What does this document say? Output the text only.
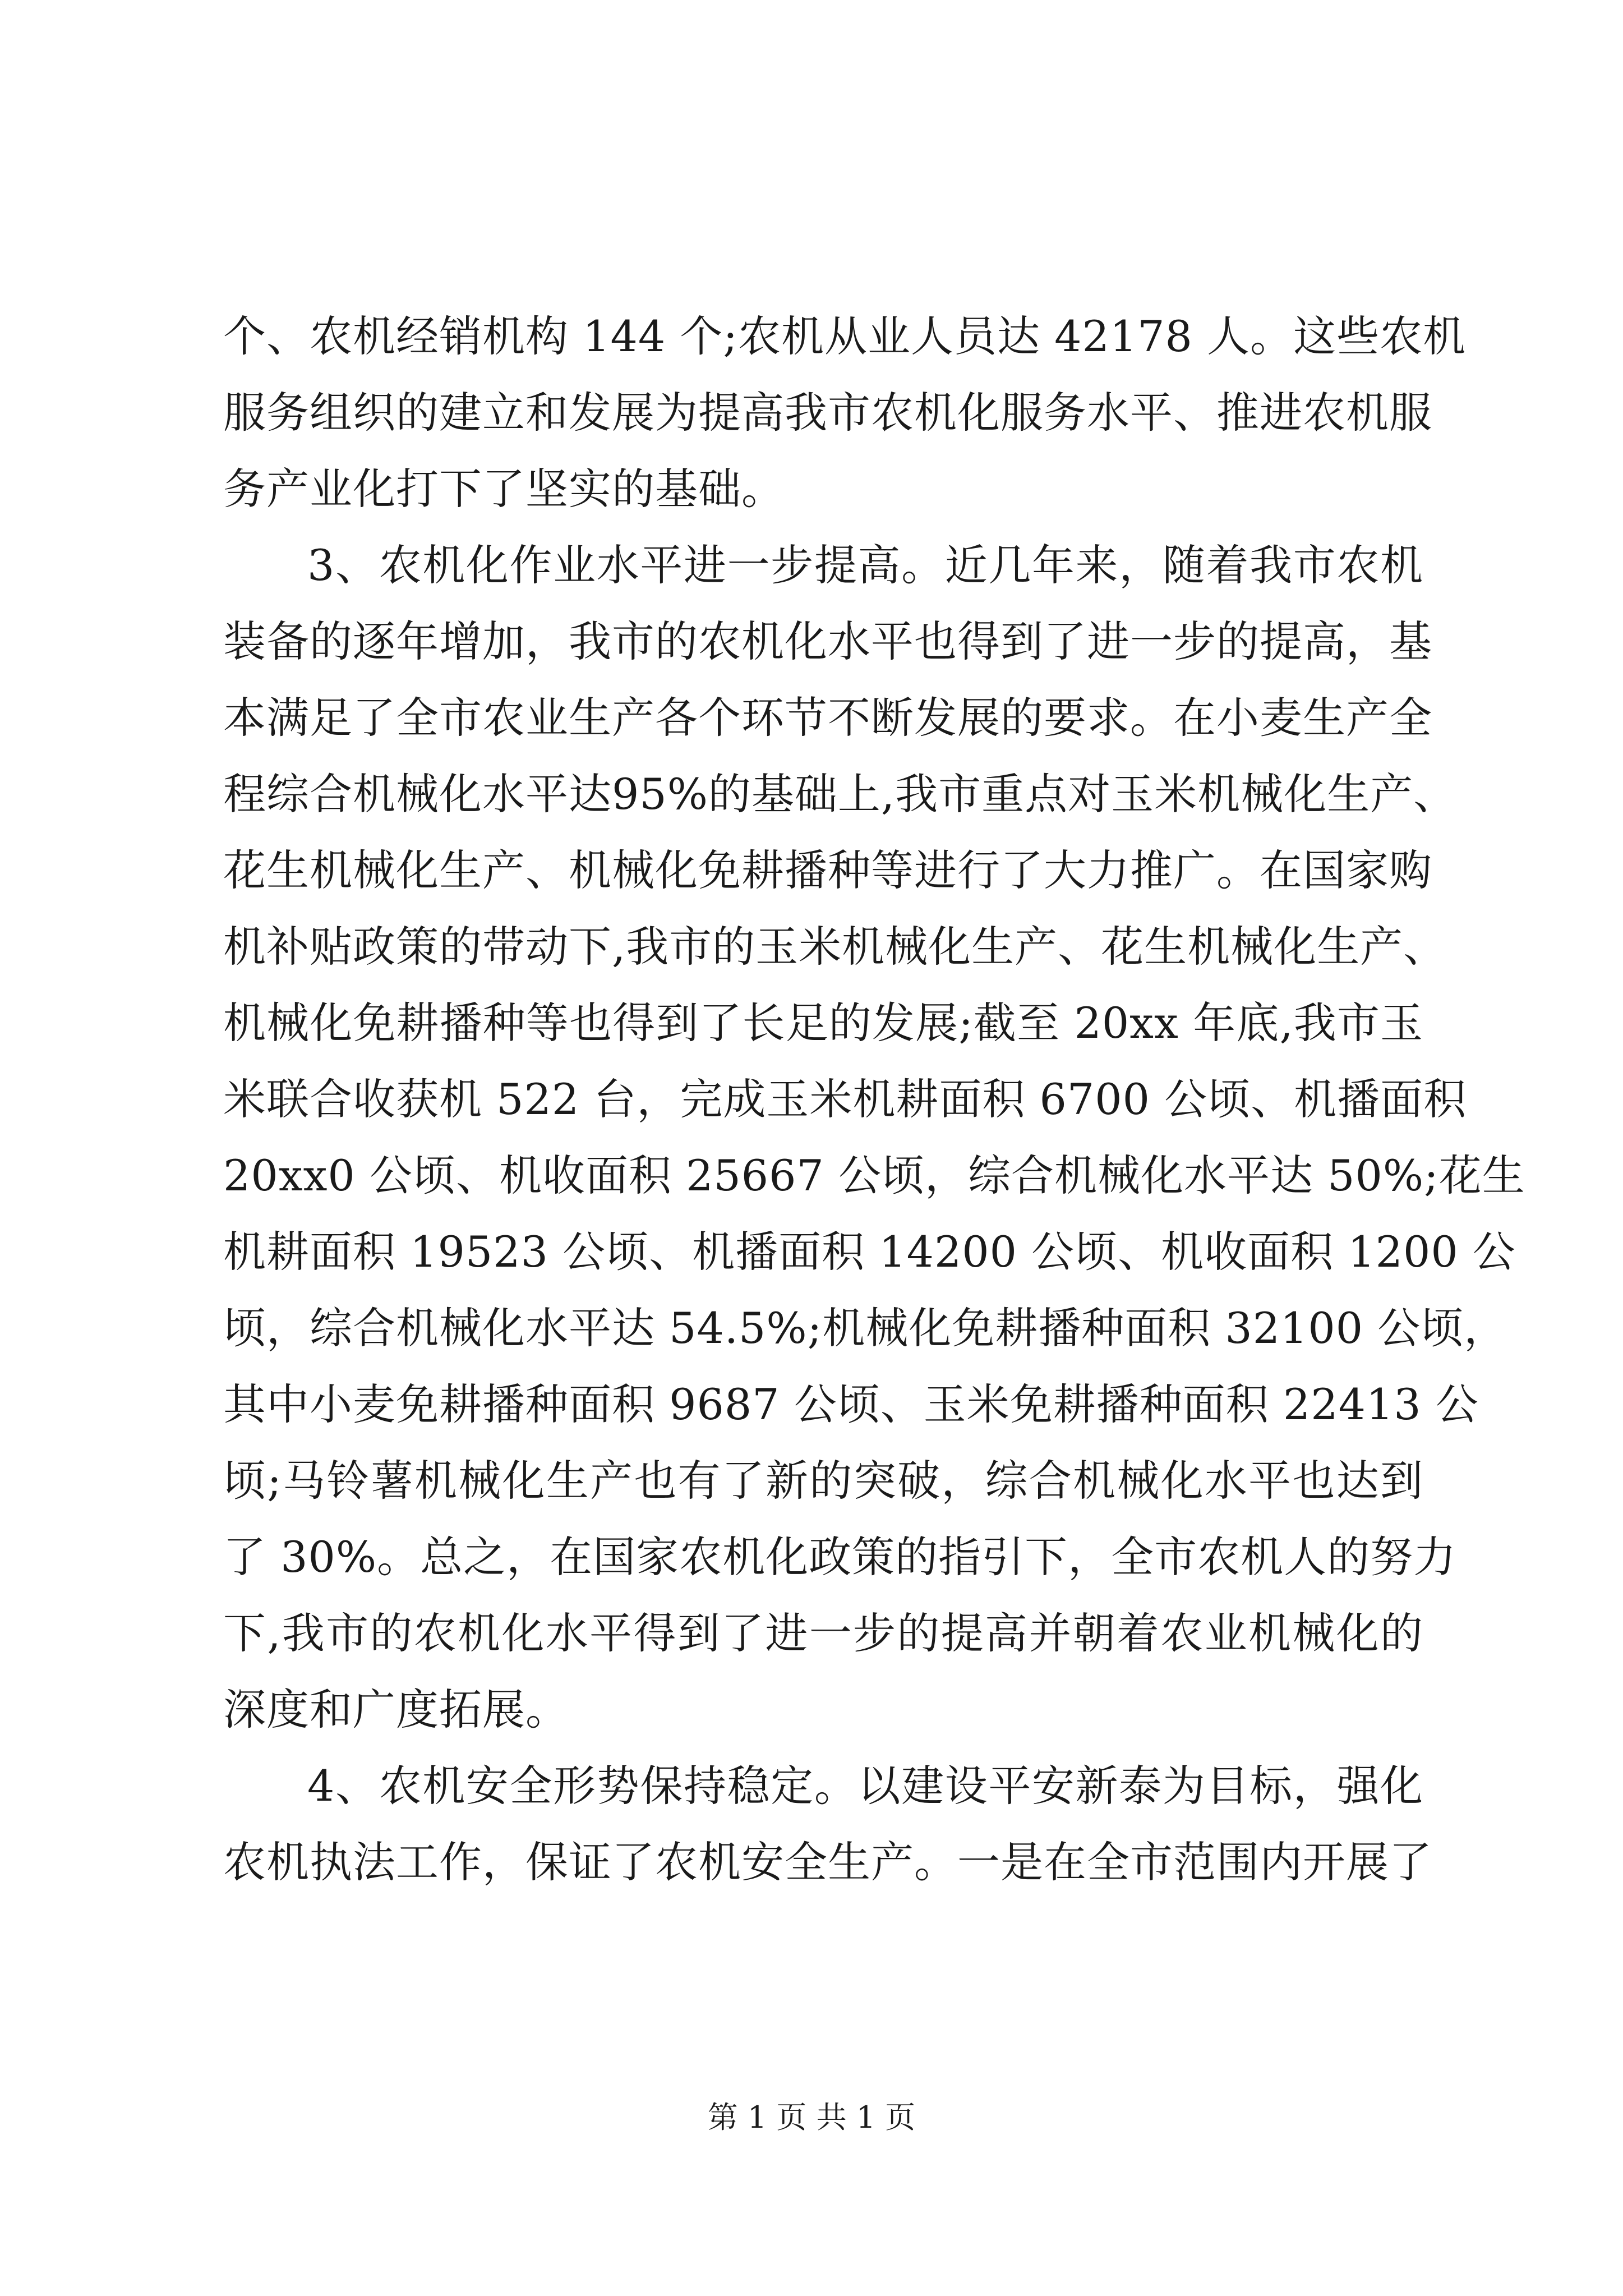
个、农机经销机构 144 个;农机从业人员达 42178 人。这些农机
服务组织的建立和发展为提高我市农机化服务水平、推进农机服
务产业化打下了坚实的基础。
3、农机化作业水平进一步提高。近几年来，随着我市农机
装备的逐年增加，我市的农机化水平也得到了进一步的提高，基
本满足了全市农业生产各个环节不断发展的要求。在小麦生产全
程综合机械化水平达95%的基础上,我市重点对玉米机械化生产、
花生机械化生产、机械化免耕播种等进行了大力推广。在国家购
机补贴政策的带动下,我市的玉米机械化生产、花生机械化生产、
机械化免耕播种等也得到了长足的发展;截至 20xx 年底,我市玉
米联合收获机 522 台，完成玉米机耕面积 6700 公顷、机播面积
20xx0 公顷、机收面积 25667 公顷，综合机械化水平达 50%;花生
机耕面积 19523 公顷、机播面积 14200 公顷、机收面积 1200 公
顷，综合机械化水平达 54.5%;机械化免耕播种面积 32100 公顷，
其中小麦免耕播种面积 9687 公顷、玉米免耕播种面积 22413 公
顷;马铃薯机械化生产也有了新的突破，综合机械化水平也达到
了 30%。总之，在国家农机化政策的指引下，全市农机人的努力
下,我市的农机化水平得到了进一步的提高并朝着农业机械化的
深度和广度拓展。
4、农机安全形势保持稳定。以建设平安新泰为目标，强化
农机执法工作，保证了农机安全生产。一是在全市范围内开展了
第 1 页 共 1 页
